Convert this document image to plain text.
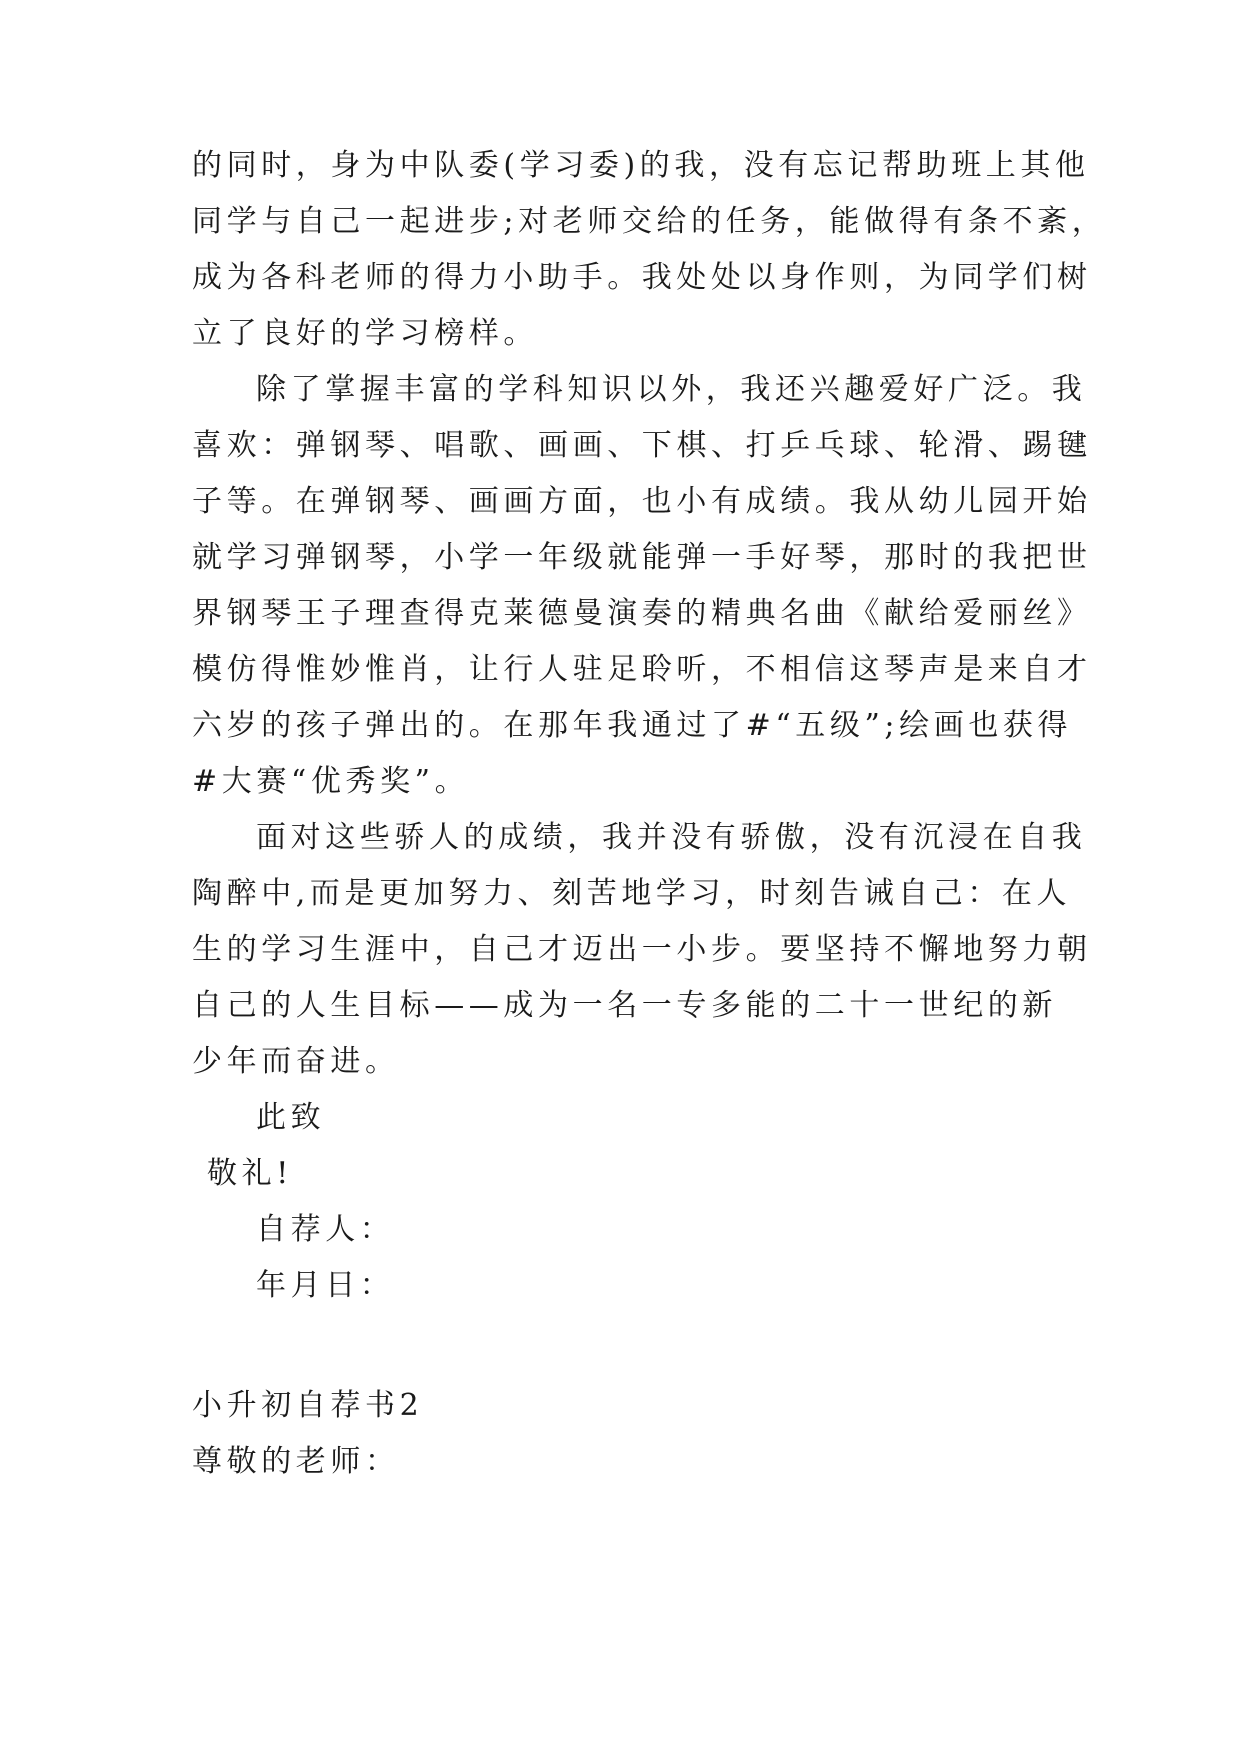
的同时，身为中队委(学习委)的我，没有忘记帮助班上其他
同学与自己一起进步;对老师交给的任务，能做得有条不紊，
成为各科老师的得力小助手。我处处以身作则，为同学们树
立了良好的学习榜样。
除了掌握丰富的学科知识以外，我还兴趣爱好广泛。我
喜欢：弹钢琴、唱歌、画画、下棋、打乒乓球、轮滑、踢毽
子等。在弹钢琴、画画方面，也小有成绩。我从幼儿园开始
就学习弹钢琴，小学一年级就能弹一手好琴，那时的我把世
界钢琴王子理查得克莱德曼演奏的精典名曲《献给爱丽丝》
模仿得惟妙惟肖，让行人驻足聆听，不相信这琴声是来自才
六岁的孩子弹出的。在那年我通过了#“五级”;绘画也获得
#大赛“优秀奖”。
面对这些骄人的成绩，我并没有骄傲，没有沉浸在自我
陶醉中,而是更加努力、刻苦地学习，时刻告诫自己：在人
生的学习生涯中，自己才迈出一小步。要坚持不懈地努力朝
自己的人生目标——成为一名一专多能的二十一世纪的新
少年而奋进。
此致
敬礼!
自荐人：
年月日：
小升初自荐书2
尊敬的老师：
